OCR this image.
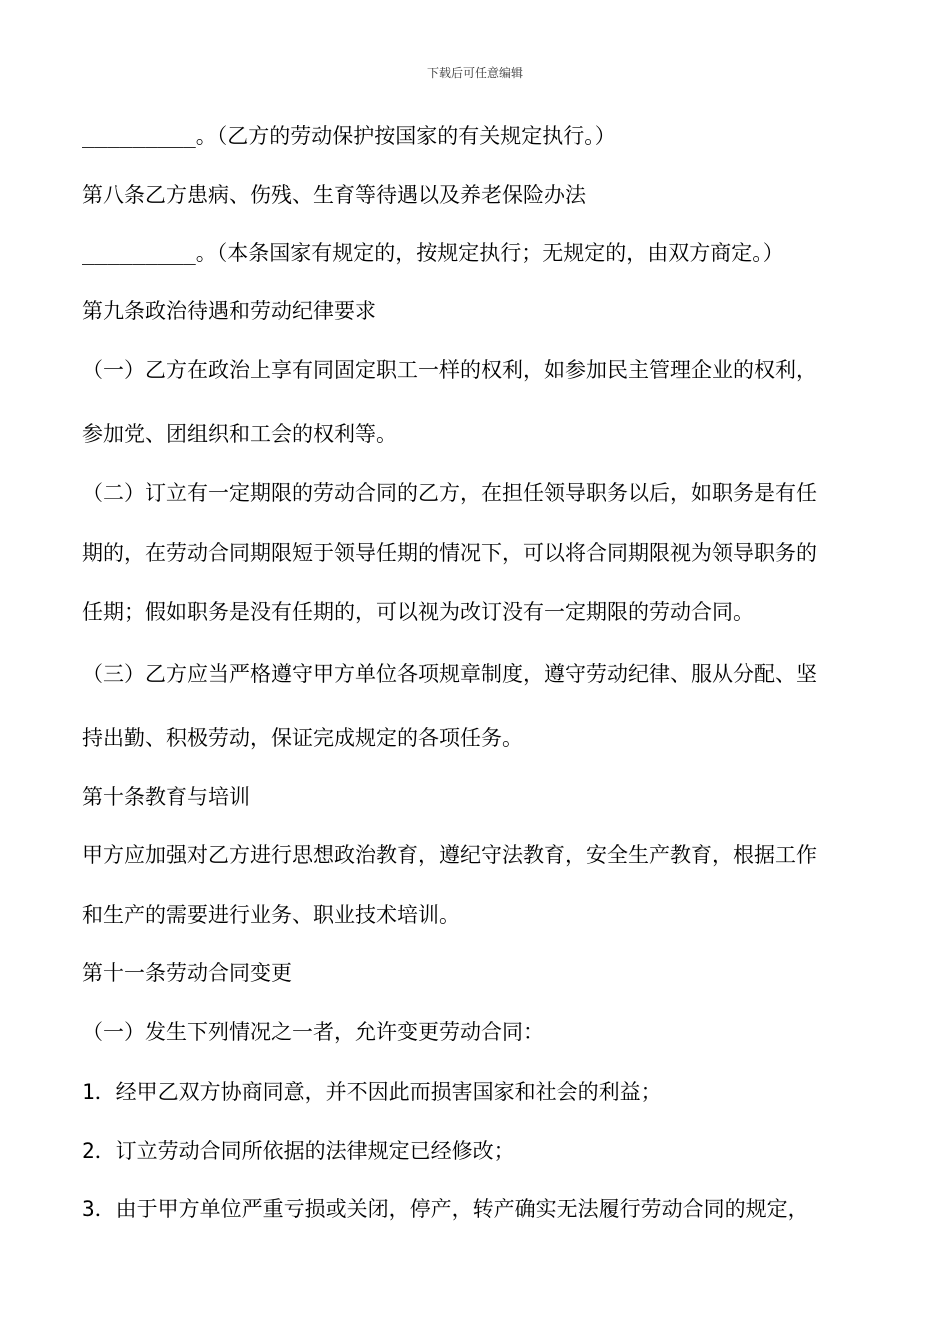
下载后可任意编辑
_________。（乙方的劳动保护按国家的有关规定执行。）
第八条乙方患病、伤残、生育等待遇以及养老保险办法
_________。（本条国家有规定的，按规定执行；无规定的，由双方商定。）
第九条政治待遇和劳动纪律要求
（一）乙方在政治上享有同固定职工一样的权利，如参加民主管理企业的权利，
参加党、团组织和工会的权利等。
（二）订立有一定期限的劳动合同的乙方，在担任领导职务以后，如职务是有任
期的，在劳动合同期限短于领导任期的情况下，可以将合同期限视为领导职务的
任期；假如职务是没有任期的，可以视为改订没有一定期限的劳动合同。
（三）乙方应当严格遵守甲方单位各项规章制度，遵守劳动纪律、服从分配、坚
持出勤、积极劳动，保证完成规定的各项任务。
第十条教育与培训
甲方应加强对乙方进行思想政治教育，遵纪守法教育，安全生产教育，根据工作
和生产的需要进行业务、职业技术培训。
第十一条劳动合同变更
（一）发生下列情况之一者，允许变更劳动合同：
1．经甲乙双方协商同意，并不因此而损害国家和社会的利益；
2．订立劳动合同所依据的法律规定已经修改；
3．由于甲方单位严重亏损或关闭，停产，转产确实无法履行劳动合同的规定，
